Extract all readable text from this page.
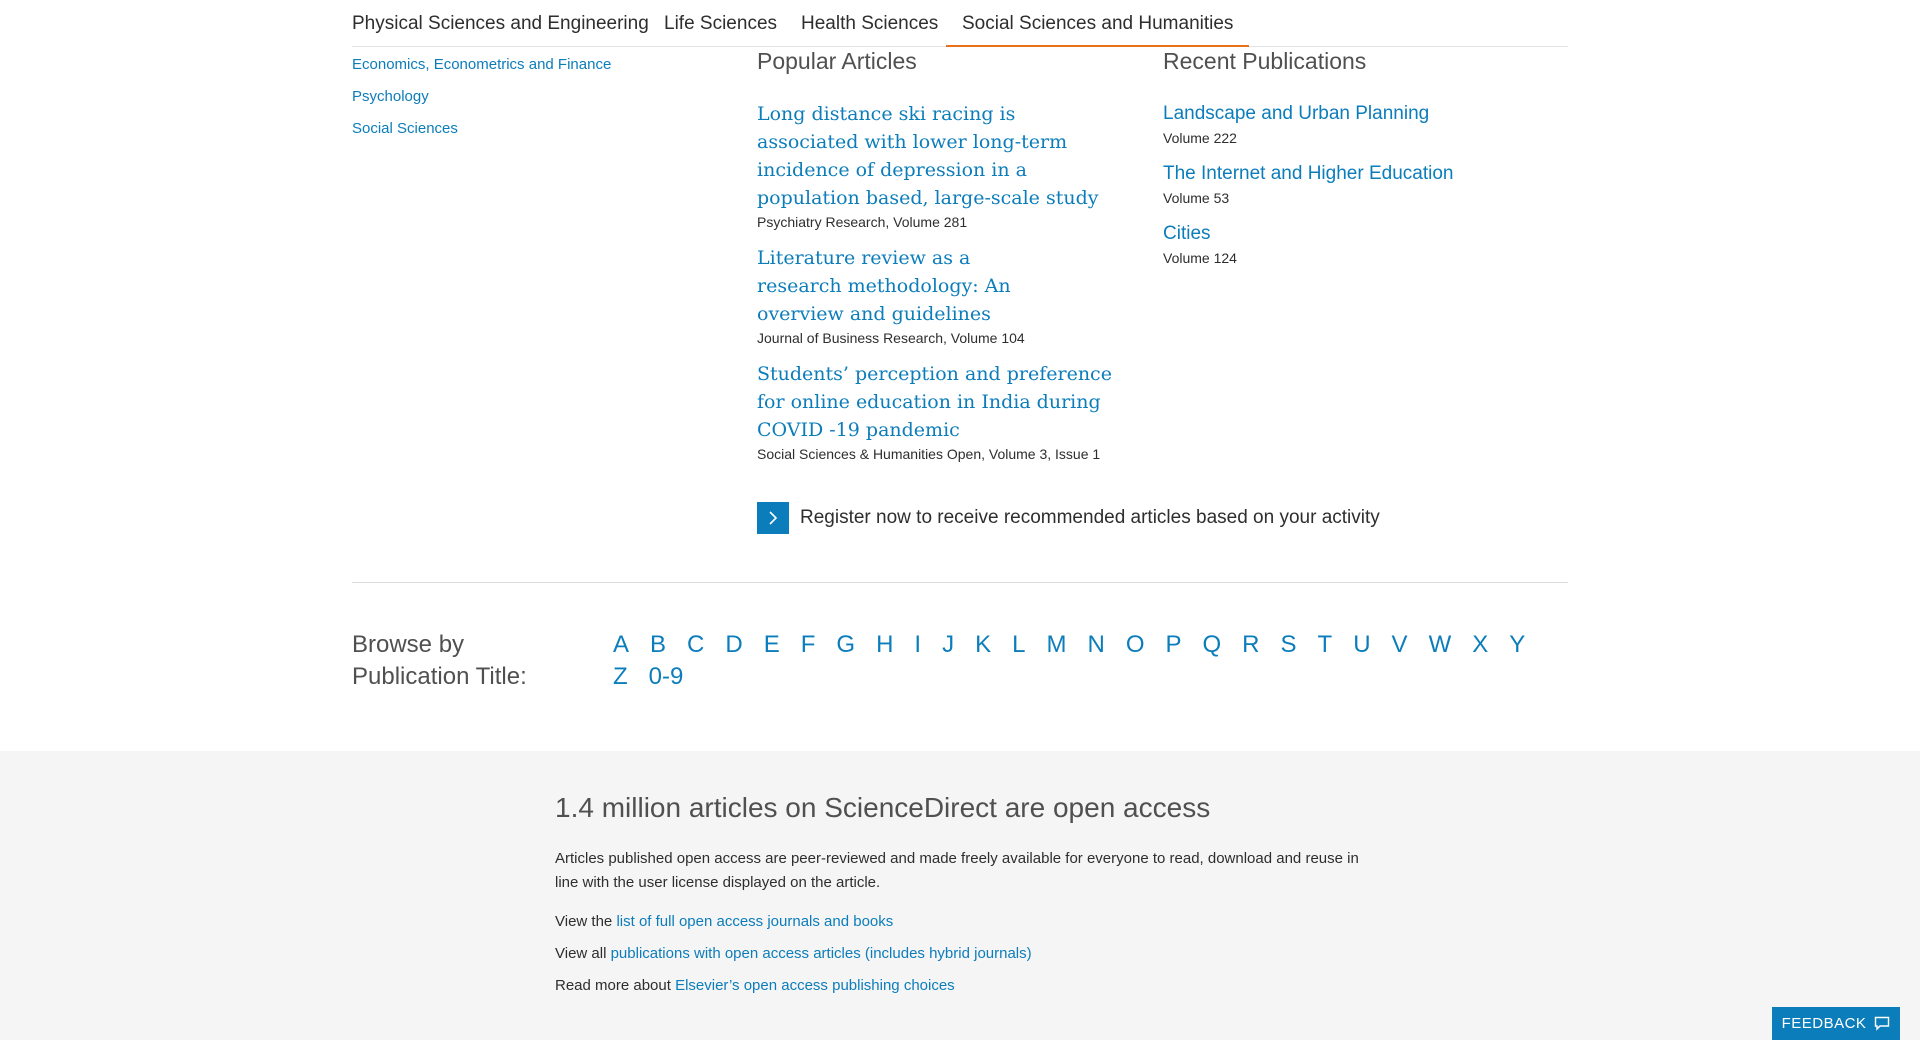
Physical Sciences and Engineering Life Sciences Health Sciences	Social Sciences and Humanities
Economics, Econometrics and Finance
Psychology
Social Sciences
Popular Articles
Long distance ski racing is associated with lower long-term incidence of depression in a population based, large-scale study
Psychiatry Research, Volume 281
Literature review as a research methodology: An overview and guidelines
Journal of Business Research, Volume 104
Students’ perception and preference for online education in India during COVID -19 pandemic
Social Sciences & Humanities Open, Volume 3, Issue 1
Recent Publications
Landscape and Urban Planning
Volume 222
The Internet and Higher Education
Volume 53
Cities
Volume 124
Register now to receive recommended articles based on your activity
Browse by Publication Title:
A B C D E F G H I J K L M N O P Q R S T U V W X Y
Z 0-9
1.4 million articles on ScienceDirect are open access
Articles published open access are peer-reviewed and made freely available for everyone to read, download and reuse in line with the user license displayed on the article.
View the list of full open access journals and books
View all publications with open access articles (includes hybrid journals)
Read more about Elsevier’s open access publishing choices
FEEDBACK
